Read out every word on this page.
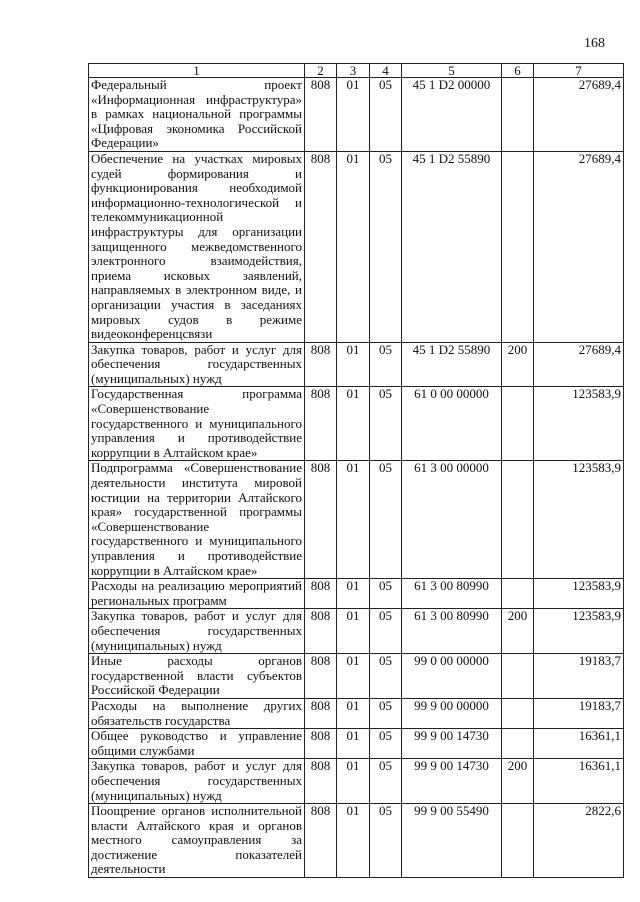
168
1	2	3	4	5	6	7
Федеральный проект «Информационная инфраструктура» в рамках национальной программы «Цифровая экономика Российской Федерации»	808	01	05	45 1 D2 00000		27689,4
Обеспечение на участках мировых судей формирования и функционирования необходимой информационно-технологической и телекоммуникационной инфраструктуры для организации защищенного межведомственного электронного взаимодействия, приема исковых заявлений, направляемых в электронном виде, и организации участия в заседаниях мировых судов в режиме видеоконференцсвязи	808	01	05	45 1 D2 55890		27689,4
Закупка товаров, работ и услуг для обеспечения государственных (муниципальных) нужд	808	01	05	45 1 D2 55890	200	27689,4
Государственная программа «Совершенствование государственного и муниципального управления и противодействие коррупции в Алтайском крае»	808	01	05	61 0 00 00000		123583,9
Подпрограмма «Совершенствование деятельности института мировой юстиции на территории Алтайского края» государственной программы «Совершенствование государственного и муниципального управления и противодействие коррупции в Алтайском крае»	808	01	05	61 3 00 00000		123583,9
Расходы на реализацию мероприятий региональных программ	808	01	05	61 3 00 80990		123583,9
Закупка товаров, работ и услуг для обеспечения государственных (муниципальных) нужд	808	01	05	61 3 00 80990	200	123583,9
Иные расходы органов государственной власти субъектов Российской Федерации	808	01	05	99 0 00 00000		19183,7
Расходы на выполнение других обязательств государства	808	01	05	99 9 00 00000		19183,7
Общее руководство и управление общими службами	808	01	05	99 9 00 14730		16361,1
Закупка товаров, работ и услуг для обеспечения государственных (муниципальных) нужд	808	01	05	99 9 00 14730	200	16361,1
Поощрение органов исполнительной власти Алтайского края и органов местного самоуправления за достижение показателей деятельности	808	01	05	99 9 00 55490		2822,6
